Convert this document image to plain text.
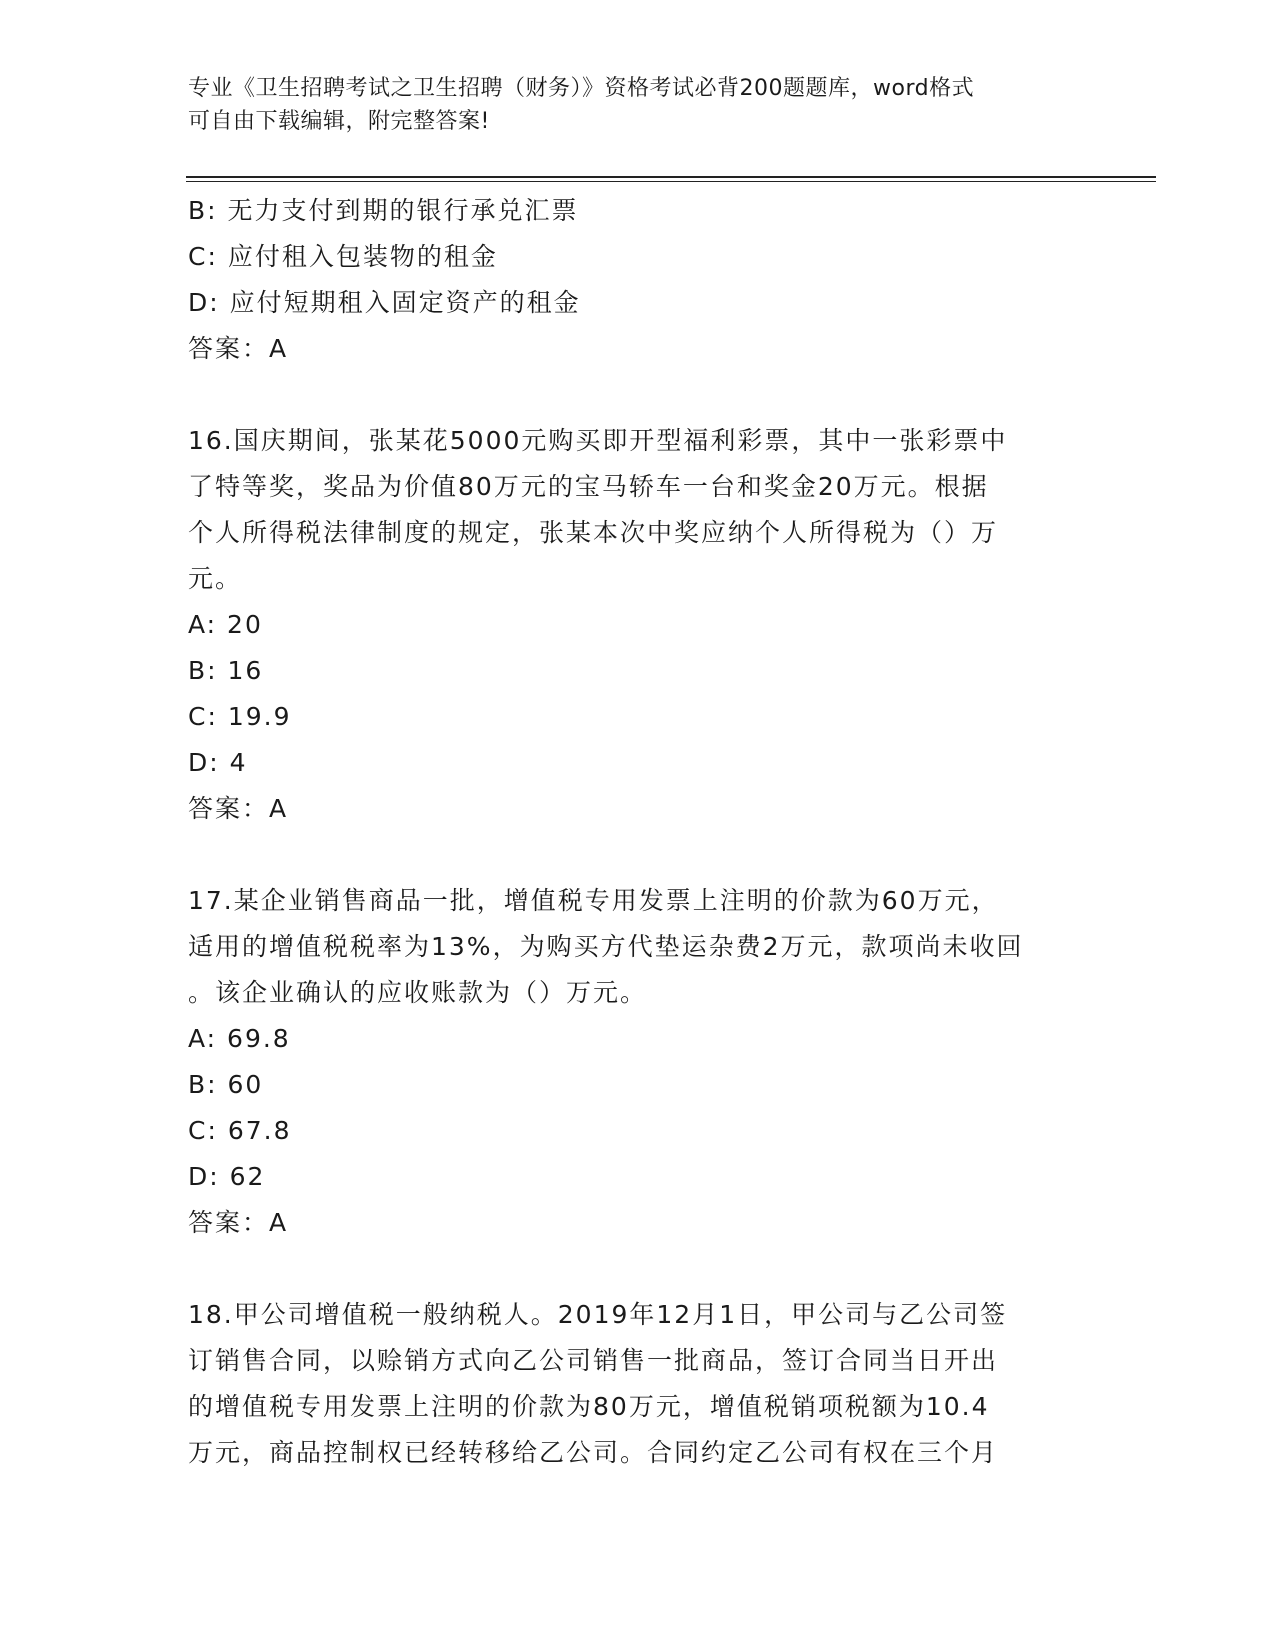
专业《卫生招聘考试之卫生招聘（财务）》资格考试必背200题题库，word格式
可自由下载编辑，附完整答案!
B: 无力支付到期的银行承兑汇票
C: 应付租入包装物的租金
D: 应付短期租入固定资产的租金
答案：A
16.国庆期间，张某花5000元购买即开型福利彩票，其中一张彩票中
了特等奖，奖品为价值80万元的宝马轿车一台和奖金20万元。根据
个人所得税法律制度的规定，张某本次中奖应纳个人所得税为（）万
元。
A: 20
B: 16
C: 19.9
D: 4
答案：A
17.某企业销售商品一批，增值税专用发票上注明的价款为60万元，
适用的增值税税率为13%，为购买方代垫运杂费2万元，款项尚未收回
。该企业确认的应收账款为（）万元。
A: 69.8
B: 60
C: 67.8
D: 62
答案：A
18.甲公司增值税一般纳税人。2019年12月1日，甲公司与乙公司签
订销售合同，以赊销方式向乙公司销售一批商品，签订合同当日开出
的增值税专用发票上注明的价款为80万元，增值税销项税额为10.4
万元，商品控制权已经转移给乙公司。合同约定乙公司有权在三个月
